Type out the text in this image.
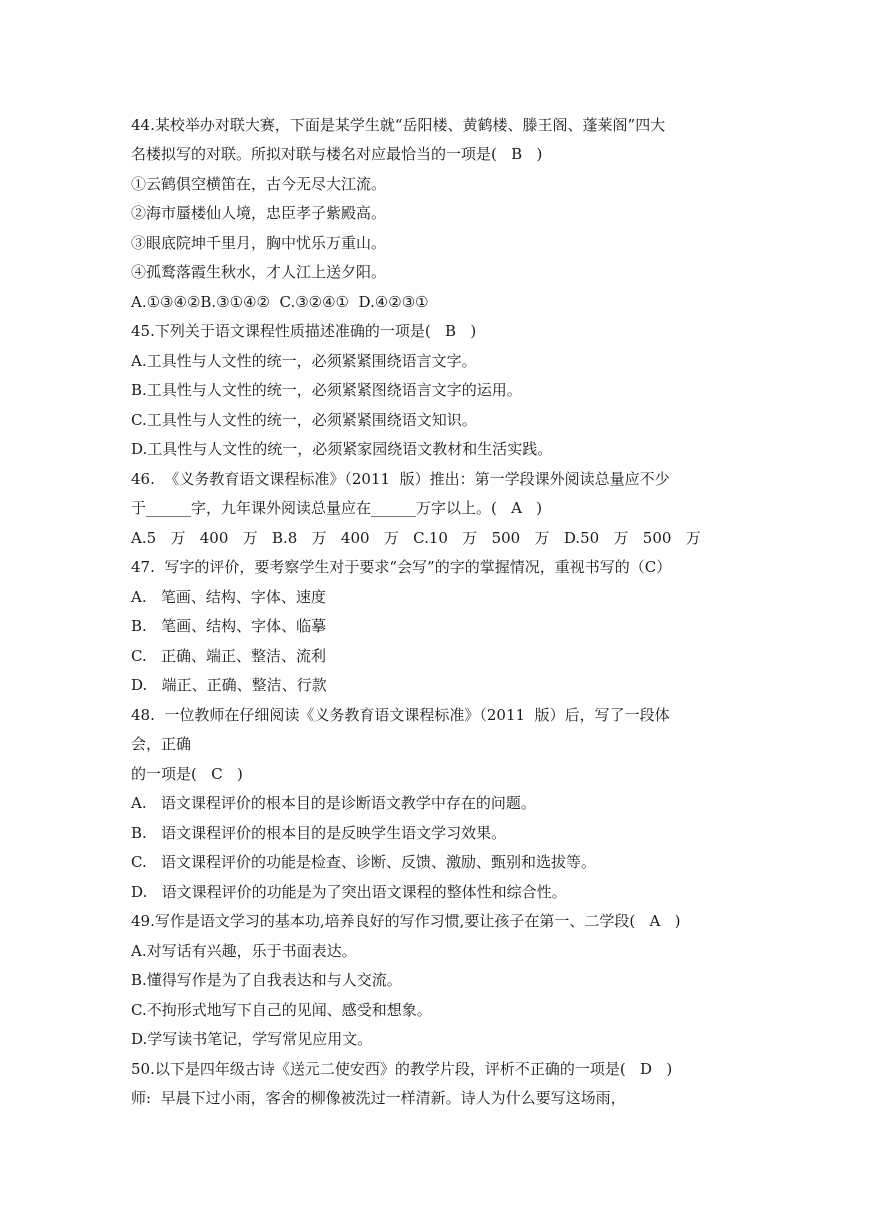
44.某校举办对联大赛，下面是某学生就“岳阳楼、黄鹤楼、滕王阁、蓬莱阁”四大
名楼拟写的对联。所拟对联与楼名对应最恰当的一项是(   B   )
①云鹤俱空横笛在，古今无尽大江流。
②海市蜃楼仙人境，忠臣孝子紫殿高。
③眼底院坤千里月，胸中忧乐万重山。
④孤鹜落霞生秋水，才人江上送夕阳。
A.①③④②B.③①④②  C.③②④①  D.④②③①
45.下列关于语文课程性质描述准确的一项是(   B   )
A.工具性与人文性的统一，必须紧紧围绕语言文字。
B.工具性与人文性的统一，必须紧紧图绕语言文字的运用。
C.工具性与人文性的统一，必须紧紧围绕语文知识。
D.工具性与人文性的统一，必须紧家园绕语文教材和生活实践。
46.  《义务教育语文课程标准》（2011  版）推出：第一学段课外阅读总量应不少
于______字，九年课外阅读总量应在______万字以上。(   A   )
A.5   万   400   万   B.8   万   400   万   C.10   万   500   万   D.50   万   500   万
47.  写字的评价，要考察学生对于要求“会写”的字的掌握情况，重视书写的（C）
A.   笔画、结构、字体、速度
B.   笔画、结构、字体、临摹
C.   正确、端正、整洁、流利
D.   端正、正确、整洁、行款
48.  一位教师在仔细阅读《义务教育语文课程标准》（2011  版）后，写了一段体
会，正确
的一项是(   C   )
A.   语文课程评价的根本目的是诊断语文教学中存在的问题。
B.   语文课程评价的根本目的是反映学生语文学习效果。
C.   语文课程评价的功能是检查、诊断、反馈、激励、甄别和选拔等。
D.   语文课程评价的功能是为了突出语文课程的整体性和综合性。
49.写作是语文学习的基本功,培养良好的写作习惯,要让孩子在第一、二学段(   A   )
A.对写话有兴趣，乐于书面表达。
B.懂得写作是为了自我表达和与人交流。
C.不拘形式地写下自己的见闻、感受和想象。
D.学写读书笔记，学写常见应用文。
50.以下是四年级古诗《送元二使安西》的教学片段，评析不正确的一项是(   D   )
师:  早晨下过小雨，客舍的柳像被洗过一样清新。诗人为什么要写这场雨，
